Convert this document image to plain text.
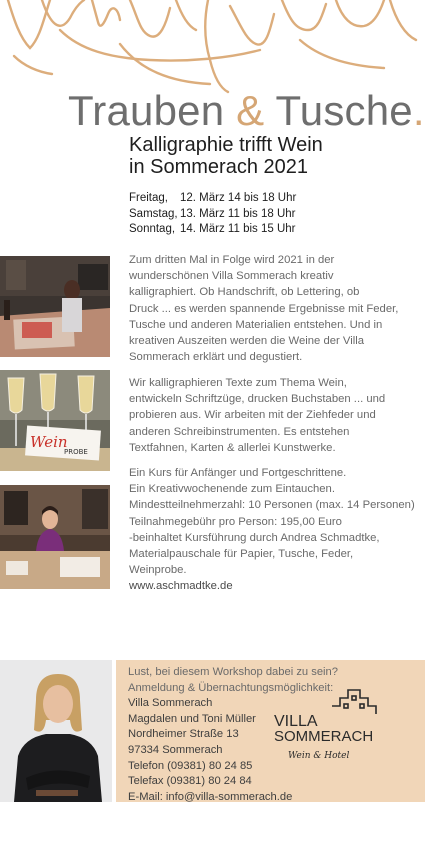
Trauben & Tusche.
Kalligraphie trifft Wein
in Sommerach 2021
Freitag,	12. März 14 bis 18 Uhr
Samstag, 13. März 11 bis 18 Uhr
Sonntag, 14. März 11 bis 15 Uhr
Wein
PROBE

Zum dritten Mal in Folge wird 2021 in der

wunderschönen Villa Sommerach kreativ

kalligraphiert. Ob Handschrift, ob Lettering, ob

Druck ... es werden spannende Ergebnisse mit Feder,

Tusche und anderen Materialien entstehen. Und in

kreativen Auszeiten werden die Weine der Villa

Sommerach erklärt und degustiert.

Wir kalligraphieren Texte zum Thema Wein,

entwickeln Schriftzüge, drucken Buchstaben ... und

probieren aus. Wir arbeiten mit der Ziehfeder und

anderen Schreibinstrumenten. Es entstehen

Textfahnen, Karten & allerlei Kunstwerke.

Ein Kurs für Anfänger und Fortgeschrittene.

Ein Kreativwochenende zum Eintauchen.

Mindestteilnehmerzahl: 10 Personen (max. 14 Personen)

Teilnahmegebühr pro Person: 195,00 Euro

-beinhaltet Kursführung durch Andrea Schmadtke,

Materialpauschale für Papier, Tusche, Feder,

Weinprobe.

www.aschmadtke.de

Lust, bei diesem Workshop dabei zu sein?
Anmeldung & Übernachtungsmöglichkeit:
Villa Sommerach
Magdalen und Toni Müller
Nordheimer Straße 13
97334 Sommerach
Telefon (09381) 80 24 85
Telefax (09381) 80 24 84
E-Mail: info@villa-sommerach.de
VILLA
SOMMERACH
Wein & Hotel
